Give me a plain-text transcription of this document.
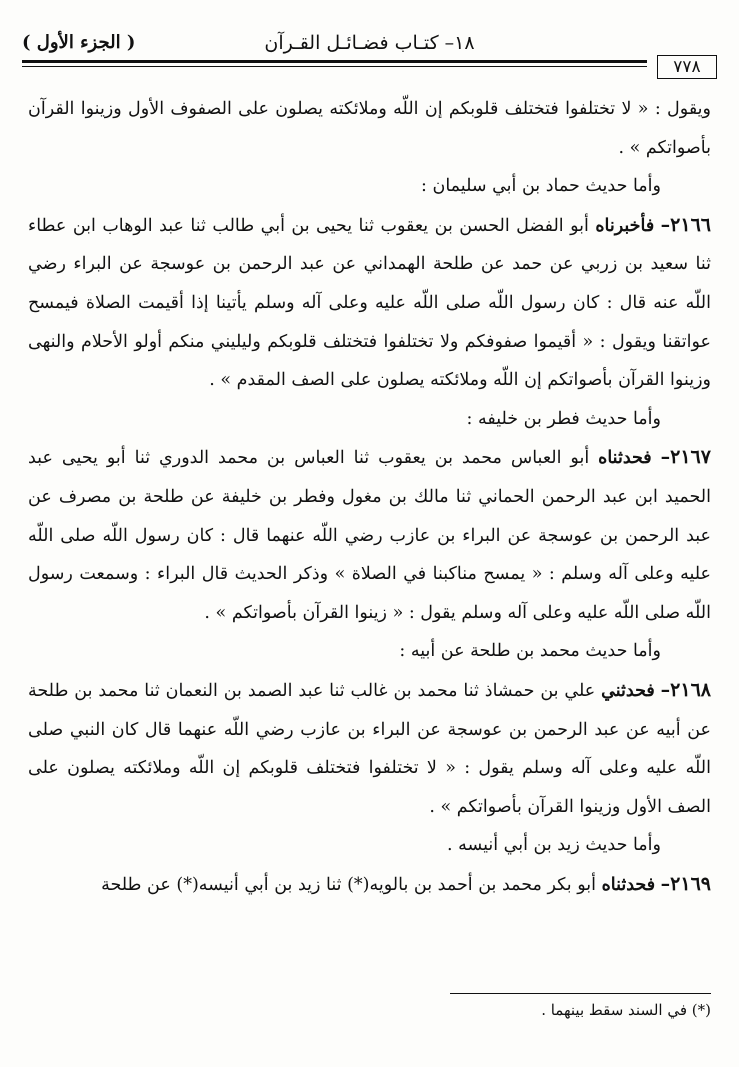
١٨– كتـاب فضـائـل القـرآن
( الجزء الأول )
٧٧٨

ويقول : « لا تختلفوا فتختلف قلوبكم إن اللّه وملائكته يصلون على الصفوف الأول وزينوا القرآن بأصواتكم » .

وأما حديث حماد بن أبي سليمان :

٢١٦٦– فأخبرناه أبو الفضل الحسن بن يعقوب ثنا يحيى بن أبي طالب ثنا عبد الوهاب ابن عطاء ثنا سعيد بن زربي عن حمد عن طلحة الهمداني عن عبد الرحمن بن عوسجة عن البراء رضي اللّه عنه قال : كان رسول اللّه صلى اللّه عليه وعلى آله وسلم يأتينا إذا أقيمت الصلاة فيمسح عواتقنا ويقول : « أقيموا صفوفكم ولا تختلفوا فتختلف قلوبكم وليليني منكم أولو الأحلام والنهى وزينوا القرآن بأصواتكم إن اللّه وملائكته يصلون على الصف المقدم » .

وأما حديث فطر بن خليفه :

٢١٦٧– فحدثناه أبو العباس محمد بن يعقوب ثنا العباس بن محمد الدوري ثنا أبو يحيى عبد الحميد ابن عبد الرحمن الحماني ثنا مالك بن مغول وفطر بن خليفة عن طلحة بن مصرف عن عبد الرحمن بن عوسجة عن البراء بن عازب رضي اللّه عنهما قال : كان رسول اللّه صلى اللّه عليه وعلى آله وسلم : « يمسح مناكبنا في الصلاة » وذكر الحديث قال البراء : وسمعت رسول اللّه صلى اللّه عليه وعلى آله وسلم يقول : « زينوا القرآن بأصواتكم » .

وأما حديث محمد بن طلحة عن أبيه :

٢١٦٨– فحدثني علي بن حمشاذ ثنا محمد بن غالب ثنا عبد الصمد بن النعمان ثنا محمد بن طلحة عن أبيه عن عبد الرحمن بن عوسجة عن البراء بن عازب رضي اللّه عنهما قال كان النبي صلى اللّه عليه وعلى آله وسلم يقول : « لا تختلفوا فتختلف قلوبكم إن اللّه وملائكته يصلون على الصف الأول وزينوا القرآن بأصواتكم » .

وأما حديث زيد بن أبي أنيسه .

٢١٦٩– فحدثناه أبو بكر محمد بن أحمد بن بالويه(*) ثنا زيد بن أبي أنيسه(*) عن طلحة

(*) في السند سقط بينهما .
